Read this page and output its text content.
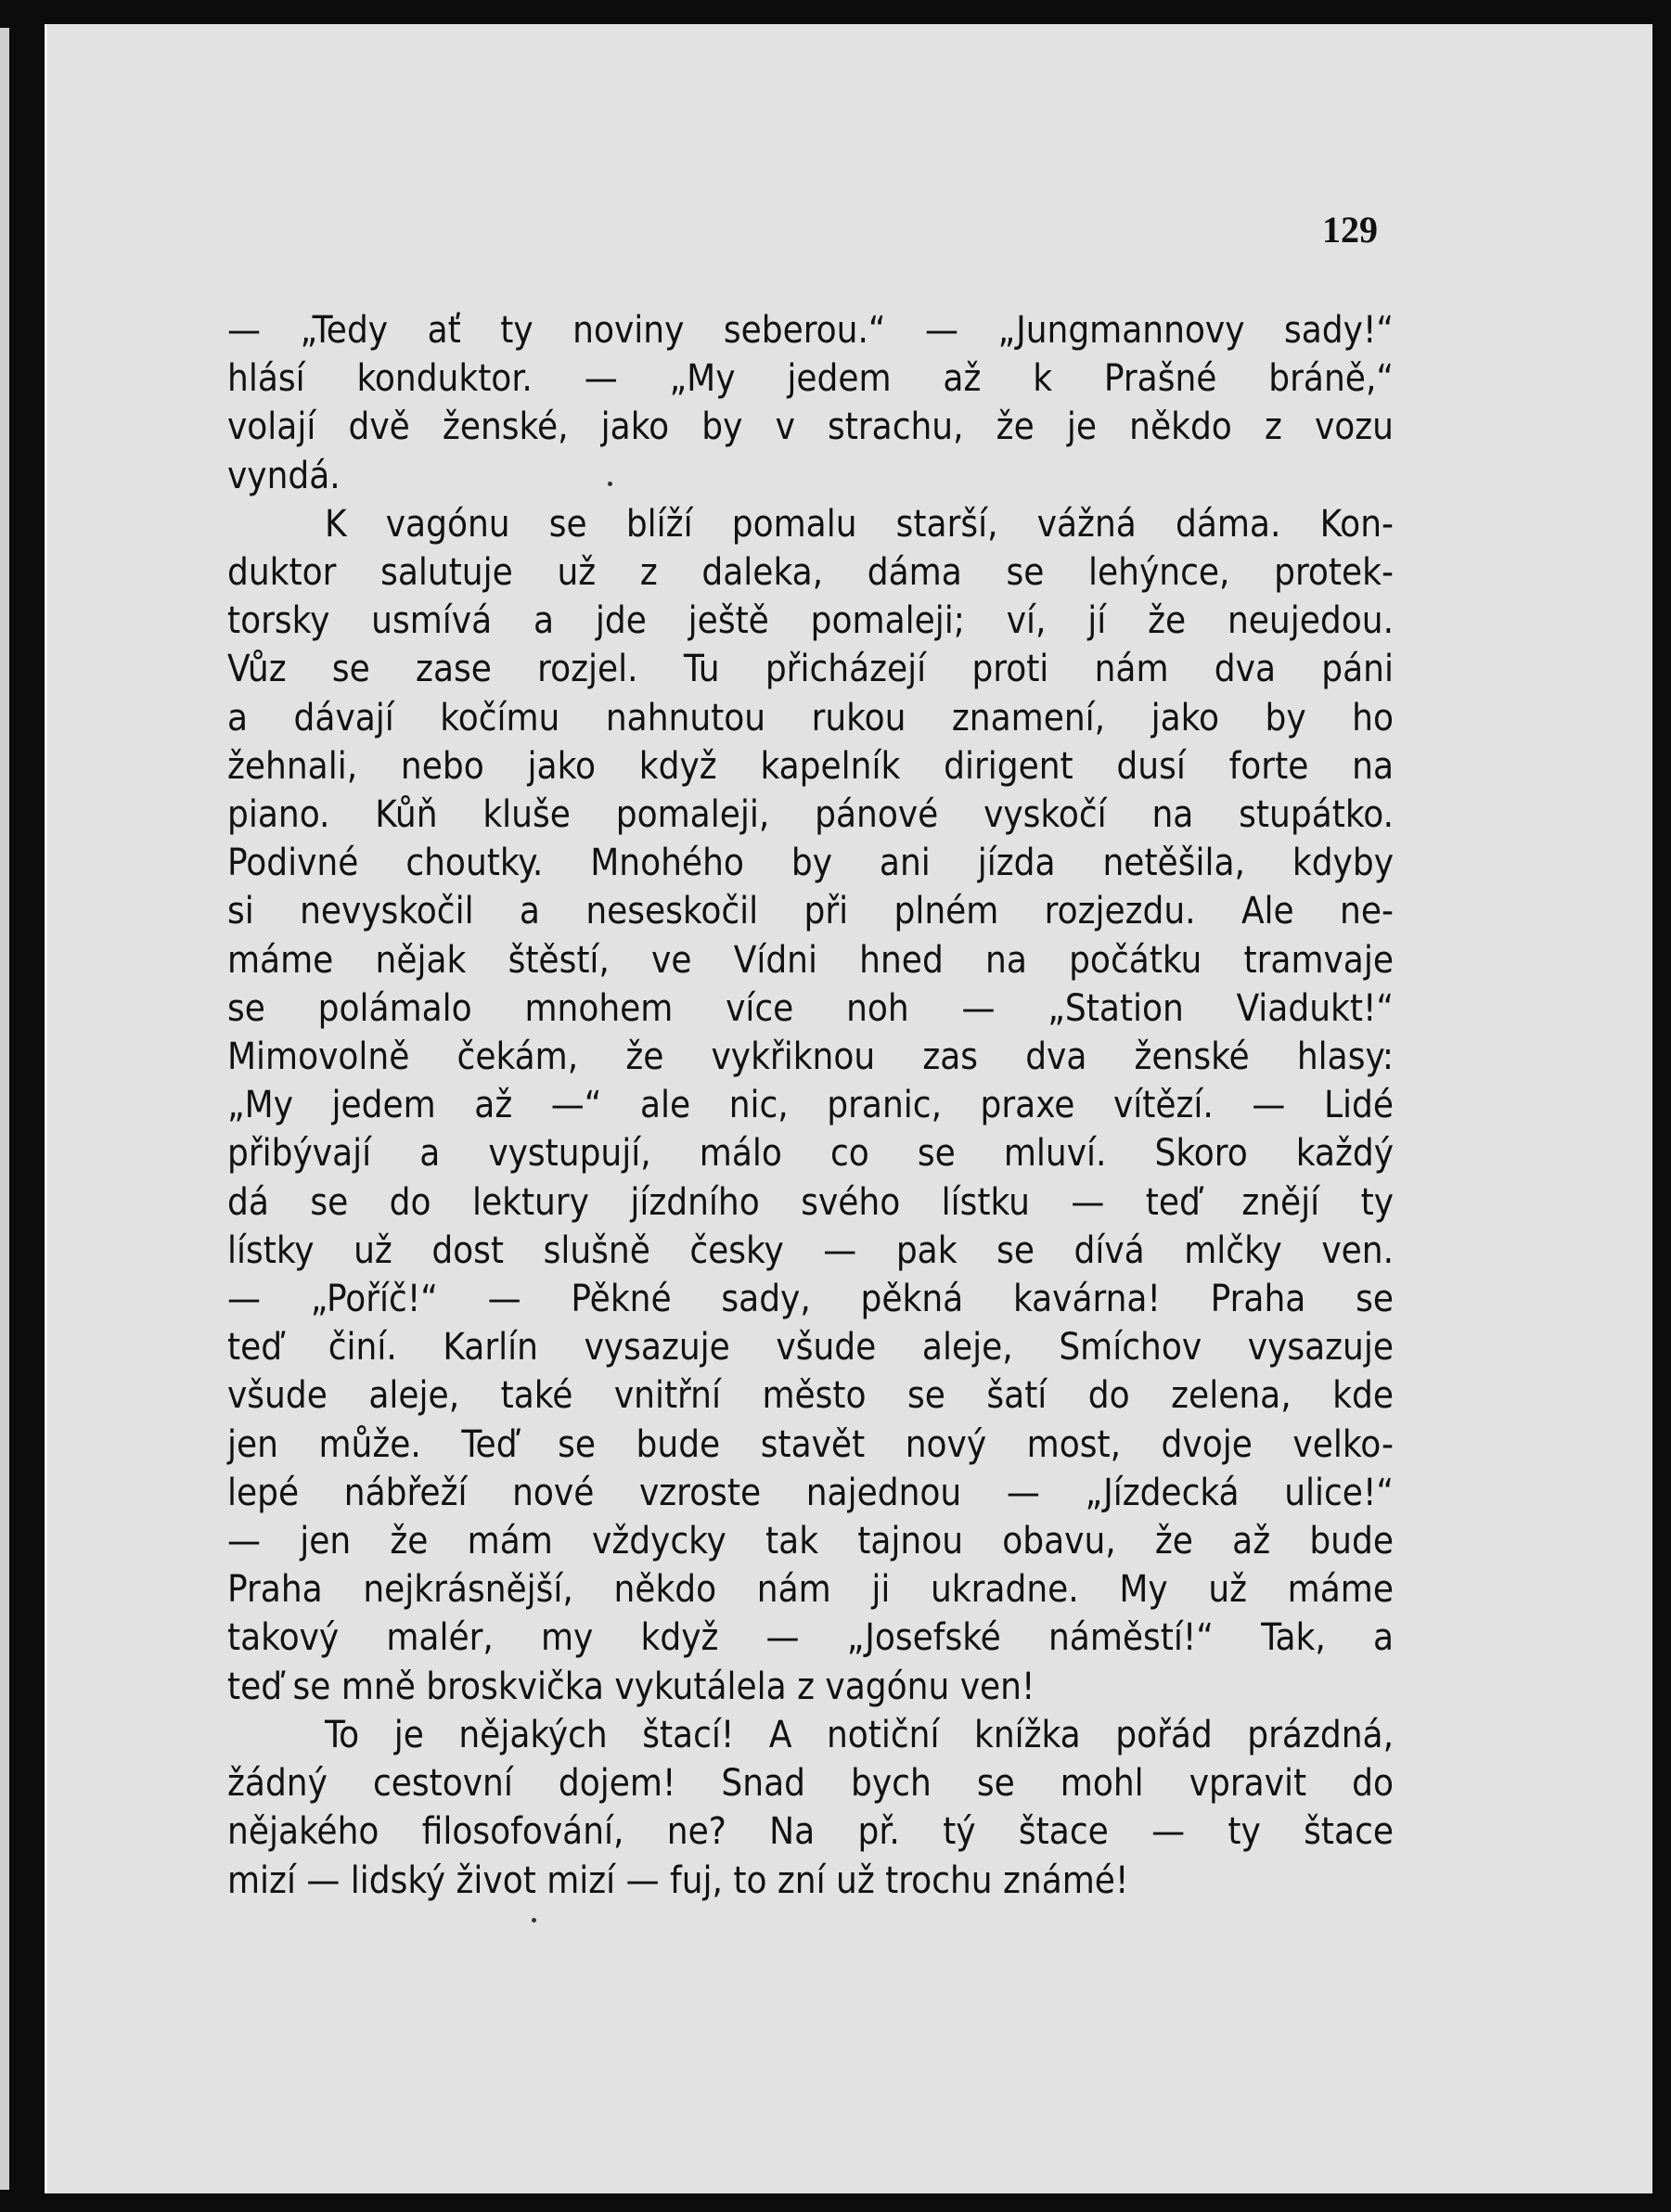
129

— „Tedy ať ty noviny seberou.“ — „Jungmannovy sady!“
hlásí konduktor. — „My jedem až k Prašné bráně,“
volají dvě ženské, jako by v strachu, že je někdo z vozu
vyndá.

K vagónu se blíží pomalu starší, vážná dáma. Kon-
duktor salutuje už z daleka, dáma se lehýnce, protek-
torsky usmívá a jde ještě pomaleji; ví, jí že neujedou.
Vůz se zase rozjel. Tu přicházejí proti nám dva páni
a dávají kočímu nahnutou rukou znamení, jako by ho
žehnali, nebo jako když kapelník dirigent dusí forte na
piano. Kůň kluše pomaleji, pánové vyskočí na stupátko.
Podivné choutky. Mnohého by ani jízda netěšila, kdyby
si nevyskočil a neseskočil při plném rozjezdu. Ale ne-
máme nějak štěstí, ve Vídni hned na počátku tramvaje
se polámalo mnohem více noh — „Station Viadukt!“
Mimovolně čekám, že vykřiknou zas dva ženské hlasy:
„My jedem až —“ ale nic, pranic, praxe vítězí. — Lidé
přibývají a vystupují, málo co se mluví. Skoro každý
dá se do lektury jízdního svého lístku — teď znějí ty
lístky už dost slušně česky — pak se dívá mlčky ven.
— „Poříč!“ — Pěkné sady, pěkná kavárna! Praha se
teď činí. Karlín vysazuje všude aleje, Smíchov vysazuje
všude aleje, také vnitřní město se šatí do zelena, kde
jen může. Teď se bude stavět nový most, dvoje velko-
lepé nábřeží nové vzroste najednou — „Jízdecká ulice!“
— jen že mám vždycky tak tajnou obavu, že až bude
Praha nejkrásnější, někdo nám ji ukradne. My už máme
takový malér, my když — „Josefské náměstí!“ Tak, a
teď se mně broskvička vykutálela z vagónu ven!

To je nějakých štací! A notiční knížka pořád prázdná,
žádný cestovní dojem! Snad bych se mohl vpravit do
nějakého filosofování, ne? Na př. tý štace — ty štace
mizí — lidský život mizí — fuj, to zní už trochu známé!
